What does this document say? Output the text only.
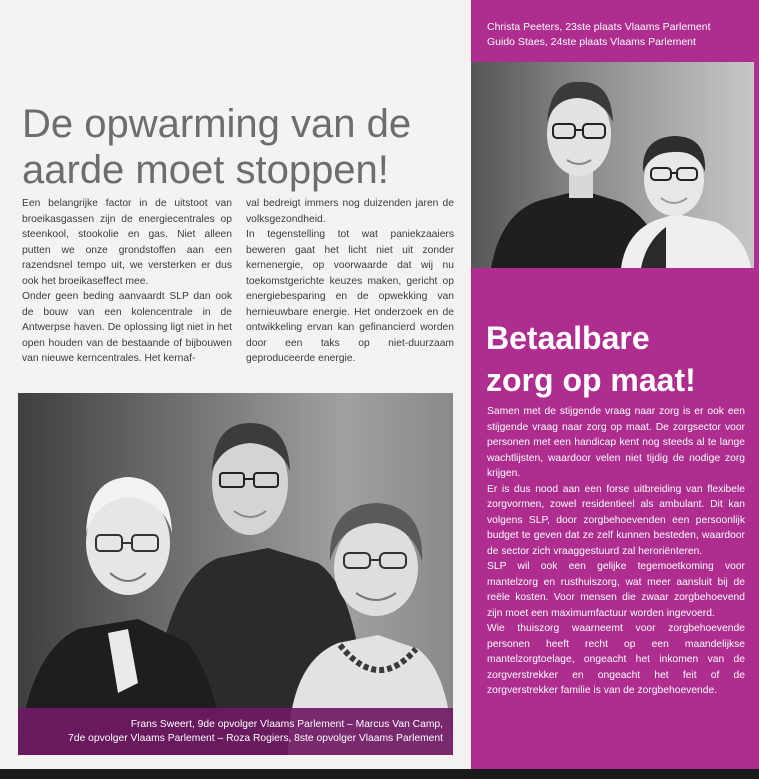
Christa Peeters, 23ste plaats Vlaams Parlement
Guido Staes, 24ste plaats Vlaams Parlement
De opwarming van de
aarde moet stoppen!

Een belangrijke factor in de uitstoot van broeikasgassen zijn de energiecentrales op steenkool, stookolie en gas. Niet alleen putten we onze grondstoffen aan een razendsnel tempo uit, we versterken er dus ook het broeikaseffect mee.

Onder geen beding aanvaardt SLP dan ook de bouw van een kolencentrale in de Antwerpse haven. De oplossing ligt niet in het open houden van de bestaande of bijbouwen van nieuwe kerncentrales. Het kernaf-

val bedreigt immers nog duizenden jaren de volksgezondheid.

In tegenstelling tot wat paniekzaaiers beweren gaat het licht niet uit zonder kernenergie, op voorwaarde dat wij nu toekomstgerichte keuzes maken, gericht op energiebesparing en de opwekking van hernieuwbare energie. Het onderzoek en de ontwikkeling ervan kan gefinancierd worden door een taks op niet-duurzaam geproduceerde energie.

Betaalbare
zorg op maat!

Samen met de stijgende vraag naar zorg is er ook een stijgende vraag naar zorg op maat. De zorgsector voor personen met een handicap kent nog steeds al te lange wachtlijsten, waardoor velen niet tijdig de nodige zorg krijgen.

Er is dus nood aan een forse uitbreiding van flexibele zorgvormen, zowel residentieel als ambulant. Dit kan volgens SLP, door zorgbehoevenden een persoonlijk budget te geven dat ze zelf kunnen besteden, waardoor de sector zich vraaggestuurd zal heroriënteren.

SLP wil ook een gelijke tegemoetkoming voor mantelzorg en rusthuiszorg, wat meer aansluit bij de reële kosten. Voor mensen die zwaar zorgbehoevend zijn moet een maximumfactuur worden ingevoerd.

Wie thuiszorg waarneemt voor zorgbehoevende personen heeft recht op een maandelijkse mantelzorgtoelage, ongeacht het inkomen van de zorgverstrekker en ongeacht het feit of de zorgverstrekker familie is van de zorgbehoevende.

Frans Sweert, 9de opvolger Vlaams Parlement – Marcus Van Camp,
7de opvolger Vlaams Parlement – Roza Rogiers, 8ste opvolger Vlaams Parlement
